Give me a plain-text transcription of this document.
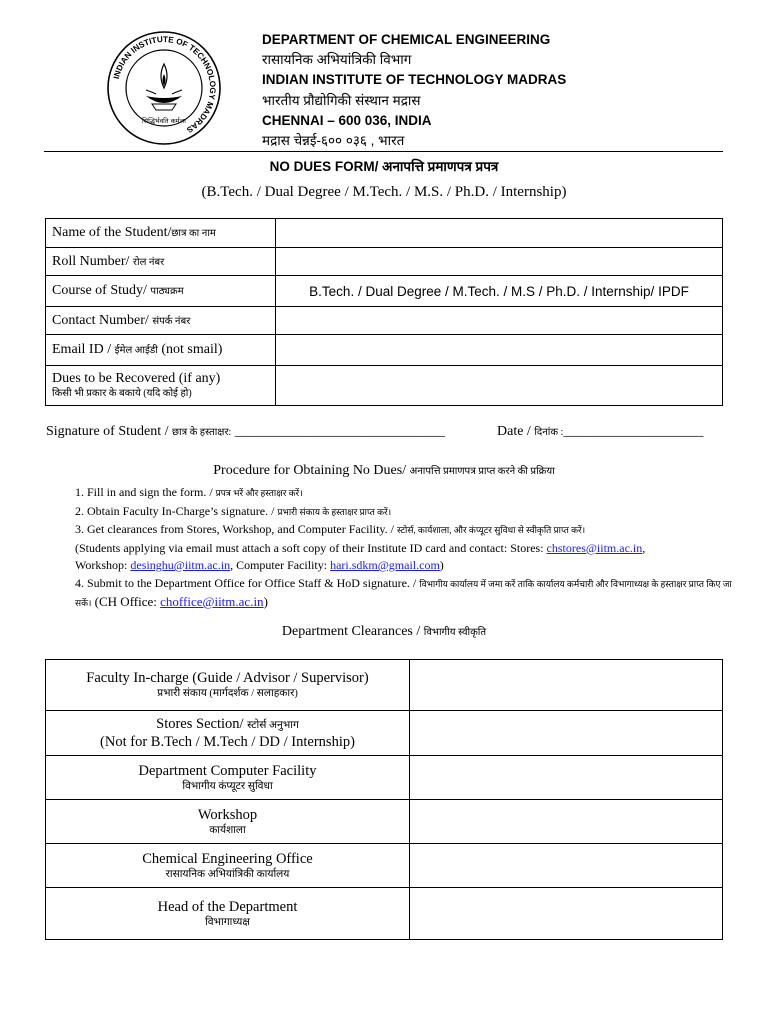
INDIAN INSTITUTE OF TECHNOLOGY MADRAS
सिद्धिर्भवति कर्मजा
DEPARTMENT OF CHEMICAL ENGINEERING
रासायनिक अभियांत्रिकी विभाग
INDIAN INSTITUTE OF TECHNOLOGY MADRAS
भारतीय प्रौद्योगिकी संस्थान मद्रास
CHENNAI – 600 036, INDIA
मद्रास चेन्नई-६०० ०३६ , भारत
NO DUES FORM/ अनापत्ति प्रमाणपत्र प्रपत्र
(B.Tech. / Dual Degree / M.Tech. / M.S. / Ph.D. / Internship)
Name of the Student/छात्र का नाम	
Roll Number/ रोल नंबर	
Course of Study/ पाठ्यक्रम	B.Tech. / Dual Degree / M.Tech. / M.S / Ph.D. / Internship/ IPDF
Contact Number/ संपर्क नंबर	
Email ID / ईमेल आईडी (not smail)	

Dues to be Recovered (if any)
किसी भी प्रकार के बकाये (यदि कोई हो)	

Signature of Student / छात्र के हस्ताक्षर: ______________________________	Date / दिनांक :____________________
Procedure for Obtaining No Dues/ अनापत्ति प्रमाणपत्र प्राप्त करने की प्रक्रिया
1. Fill in and sign the form. / प्रपत्र भरें और हस्ताक्षर करें।
2. Obtain Faculty In-Charge’s signature. / प्रभारी संकाय के हस्ताक्षर प्राप्त करें।
3. Get clearances from Stores, Workshop, and Computer Facility. / स्टोर्स, कार्यशाला, और कंप्यूटर सुविधा से स्वीकृति प्राप्त करें।
(Students applying via email must attach a soft copy of their Institute ID card and contact: Stores: chstores@iitm.ac.in,
Workshop: desinghu@iitm.ac.in, Computer Facility: hari.sdkm@gmail.com)
4. Submit to the Department Office for Office Staff & HoD signature. / विभागीय कार्यालय में जमा करें ताकि कार्यालय कर्मचारी और विभागाध्यक्ष के हस्ताक्षर प्राप्त किए जा सकें। (CH Office: choffice@iitm.ac.in)
Department Clearances / विभागीय स्वीकृति
Faculty In-charge (Guide / Advisor / Supervisor)
प्रभारी संकाय (मार्गदर्शक / सलाहकार)	

Stores Section/ स्टोर्स अनुभाग
(Not for B.Tech / M.Tech / DD / Internship)	

Department Computer Facility
विभागीय कंप्यूटर सुविधा	

Workshop
कार्यशाला	

Chemical Engineering Office
रासायनिक अभियांत्रिकी कार्यालय	

Head of the Department
विभागाध्यक्ष	
